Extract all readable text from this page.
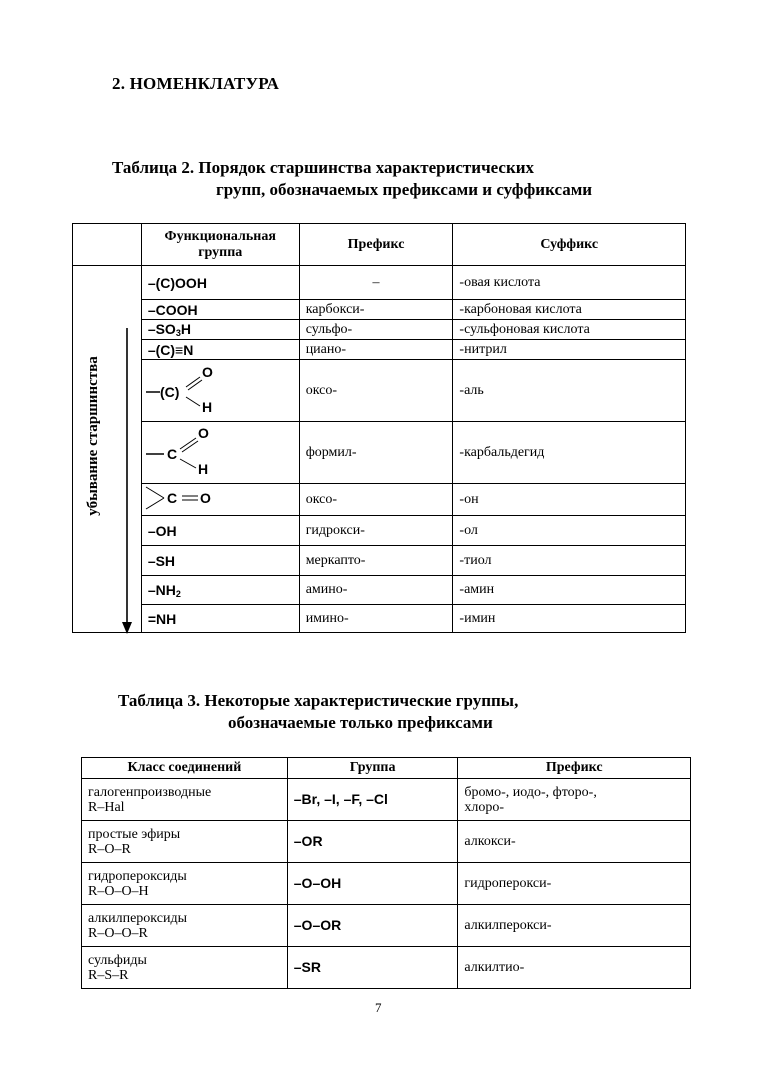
2. НОМЕНКЛАТУРА
Таблица 2. Порядок старшинства характеристических
групп, обозначаемых префиксами и суффиксами
	Функциональная
группа	Префикс	Суффикс

убывание старшинства	–(C)OOH	–	-овая кислота
	–COOH	карбокси-	-карбоновая кислота
	$-SO_3H$	сульфо-	-сульфоновая кислота
	–(C)≡N	циано-	-нитрил

(C)
O
H	оксо-	-аль

C
O
H	формил-	-карбальдегид

C O	оксо-	-он
	–OH	гидрокси-	-ол
	–SH	меркапто-	-тиол
	$-NH_2$	амино-	-амин
	=NH	имино-	-имин
Таблица 3. Некоторые характеристические группы,
обозначаемые только префиксами
Класс соединений	Группа	Префикс
галогенпроизводные
R–Hal	–Br, –I, –F, –Cl	бромо-, иодо-, фторо-,
хлоро-
простые эфиры
R–O–R	–OR	алкокси-
гидропероксиды
R–O–O–H	–O–OH	гидроперокси-
алкилпероксиды
R–O–O–R	–O–OR	алкилперокси-
сульфиды
R–S–R	–SR	алкилтио-
7
